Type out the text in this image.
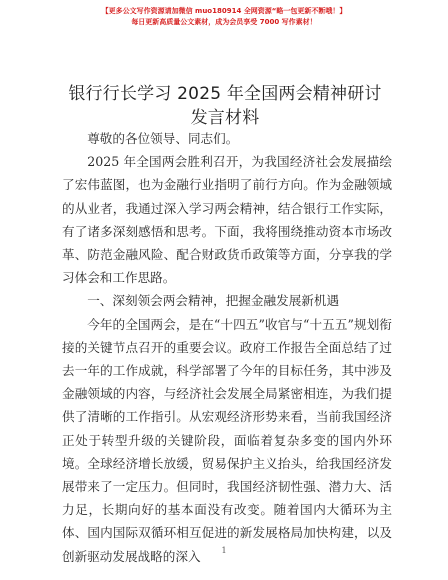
【更多公文写作资源请加微信 muo180914 全网资源“略一包更新不断哦！】
每日更新高质量公文素材，成为会员享受 7000 写作素材！
银行行长学习 2025 年全国两会精神研讨发言材料

尊敬的各位领导、同志们。

2025 年全国两会胜利召开，为我国经济社会发展描绘了宏伟蓝图，也为金融行业指明了前行方向。作为金融领域的从业者，我通过深入学习两会精神，结合银行工作实际，有了诸多深刻感悟和思考。下面，我将围绕推动资本市场改革、防范金融风险、配合财政货币政策等方面，分享我的学习体会和工作思路。

一、深刻领会两会精神，把握金融发展新机遇

今年的全国两会，是在“十四五”收官与“十五五”规划衔接的关键节点召开的重要会议。政府工作报告全面总结了过去一年的工作成就，科学部署了今年的目标任务，其中涉及金融领域的内容，与经济社会发展全局紧密相连，为我们提供了清晰的工作指引。从宏观经济形势来看，当前我国经济正处于转型升级的关键阶段，面临着复杂多变的国内外环境。全球经济增长放缓，贸易保护主义抬头，给我国经济发展带来了一定压力。但同时，我国经济韧性强、潜力大、活力足，长期向好的基本面没有改变。随着国内大循环为主体、国内国际双循环相互促进的新发展格局加快构建，以及创新驱动发展战略的深入	1
